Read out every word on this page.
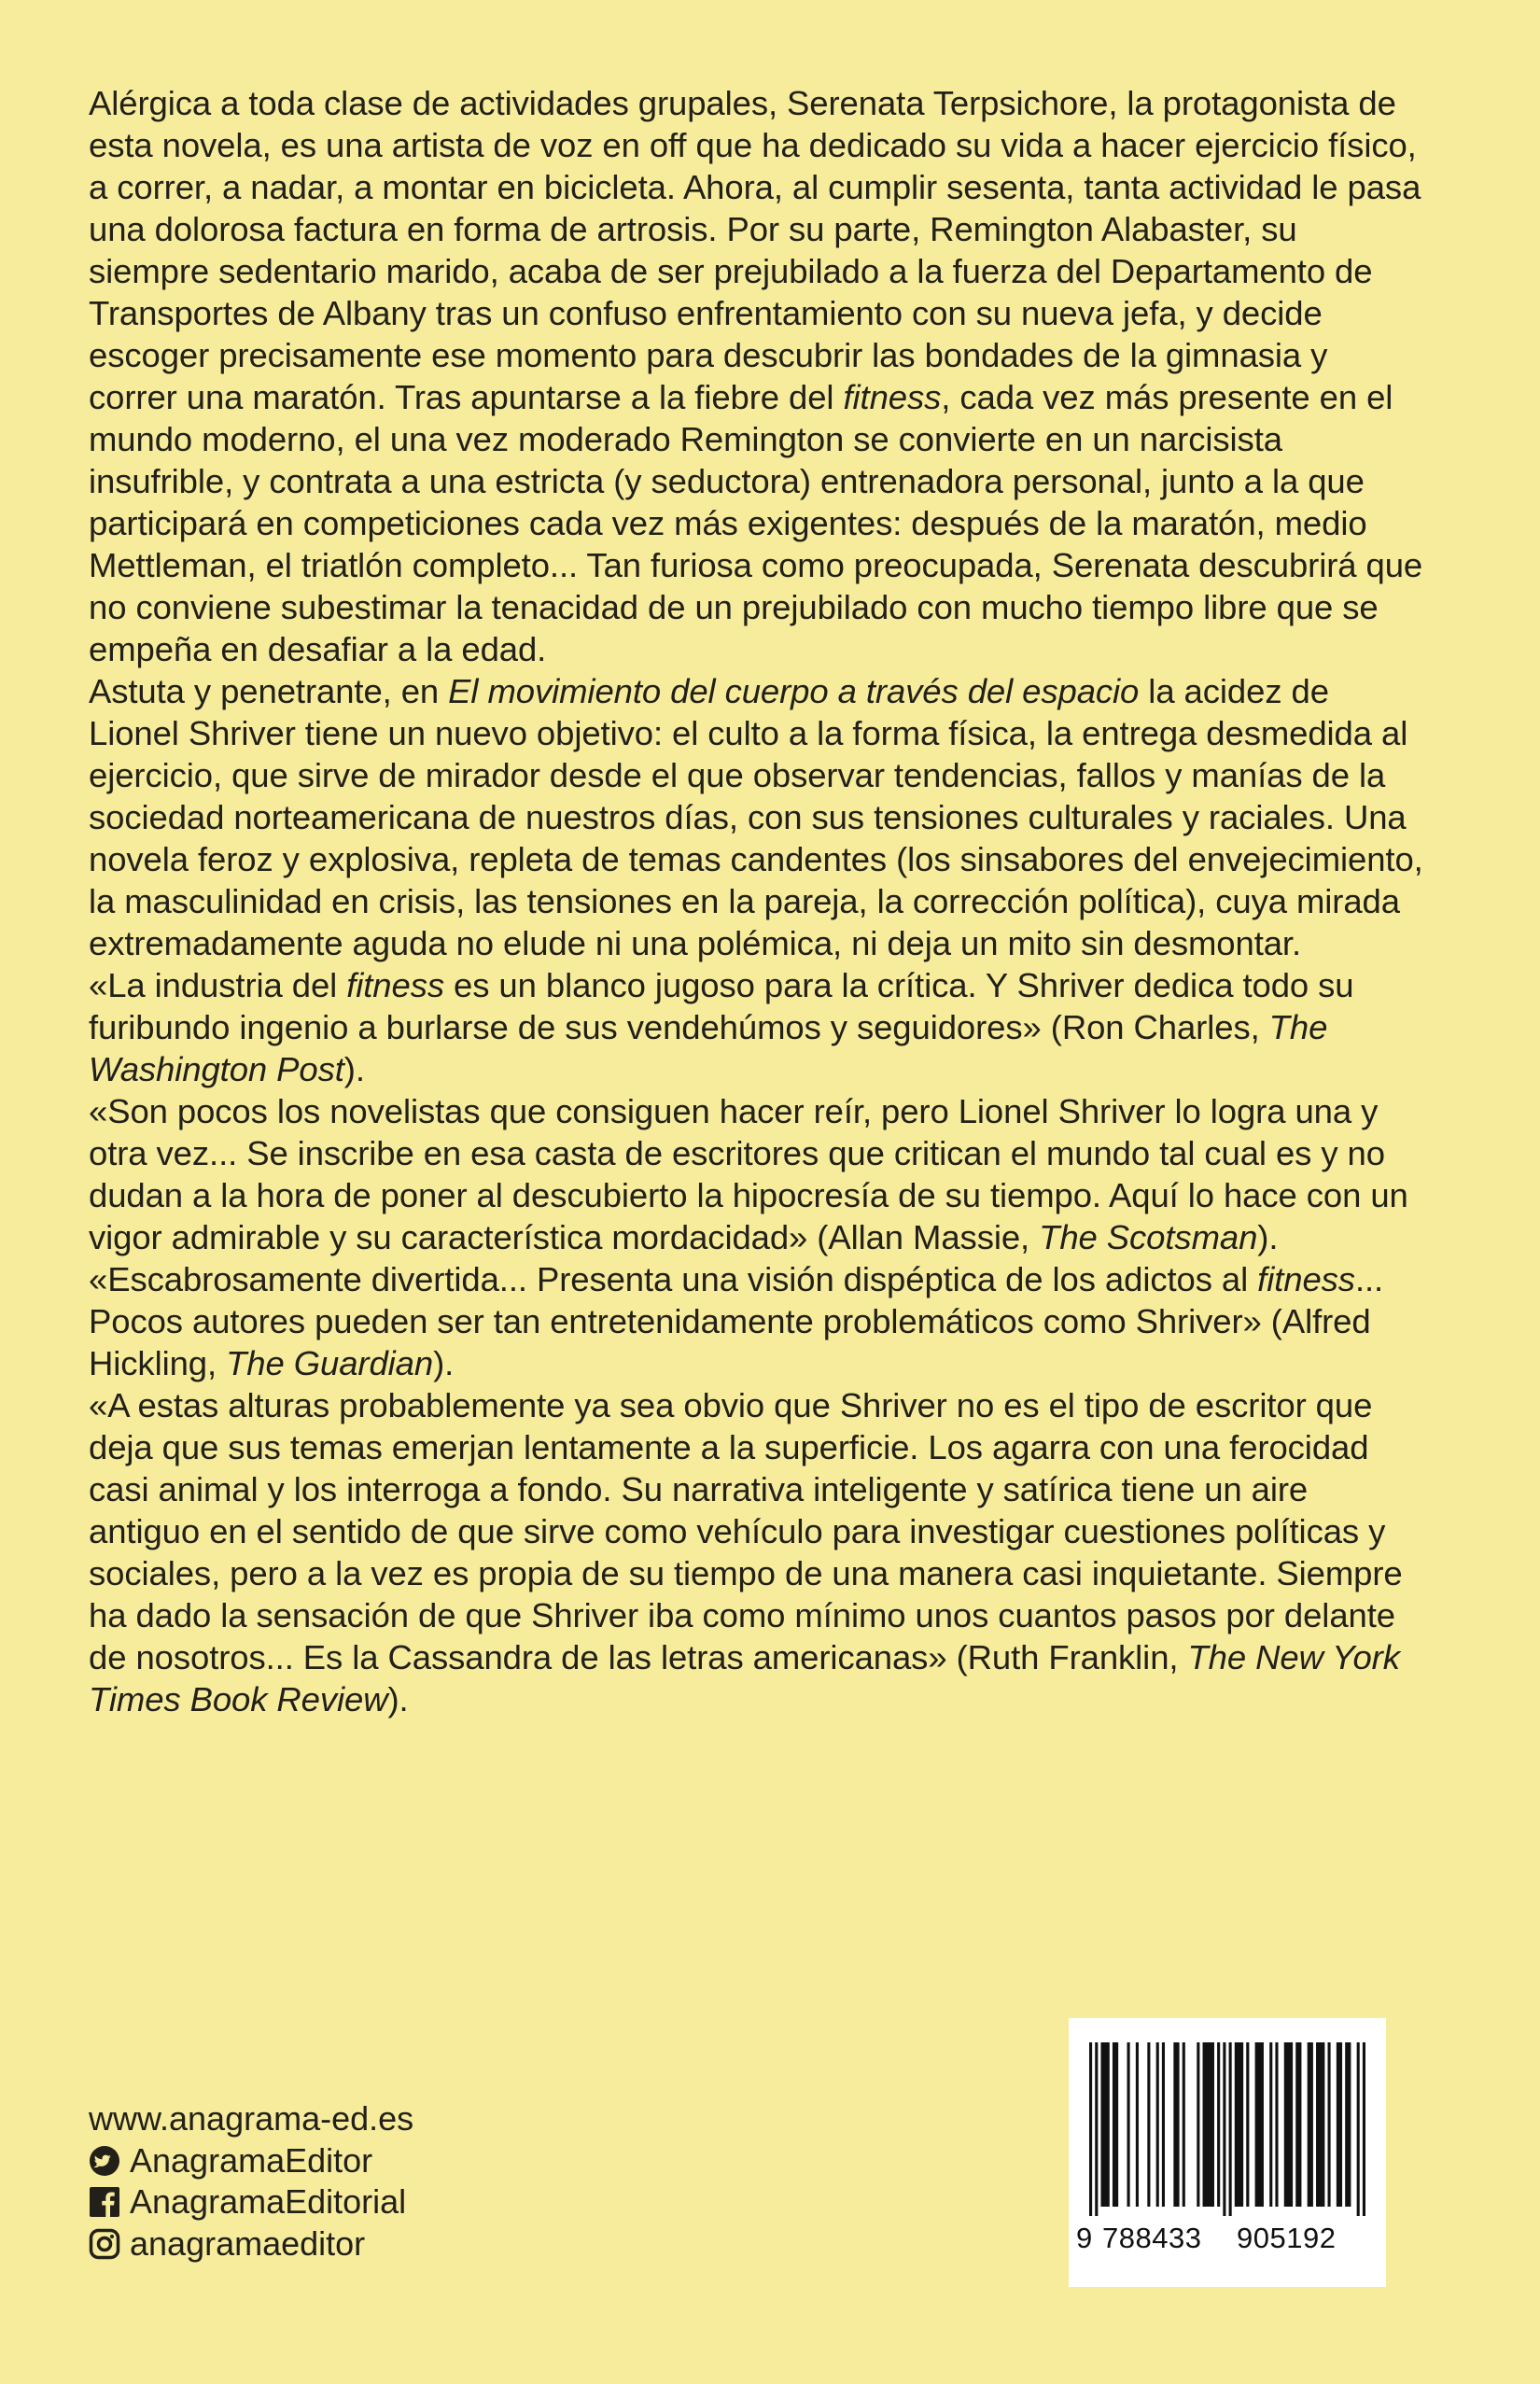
Alérgica a toda clase de actividades grupales, Serenata Terpsichore, la protagonista de esta novela, es una artista de voz en off que ha dedicado su vida a hacer ejercicio físico, a correr, a nadar, a montar en bicicleta. Ahora, al cumplir sesenta, tanta actividad le pasa una dolorosa factura en forma de artrosis. Por su parte, Remington Alabaster, su siempre sedentario marido, acaba de ser prejubilado a la fuerza del Departamento de Transportes de Albany tras un confuso enfrentamiento con su nueva jefa, y decide escoger precisamente ese momento para descubrir las bondades de la gimnasia y correr una maratón. Tras apuntarse a la fiebre del fitness, cada vez más presente en el mundo moderno, el una vez moderado Remington se convierte en un narcisista insufrible, y contrata a una estricta (y seductora) entrenadora personal, junto a la que participará en competiciones cada vez más exigentes: después de la maratón, medio Mettleman, el triatlón completo... Tan furiosa como preocupada, Serenata descubrirá que no conviene subestimar la tenacidad de un prejubilado con mucho tiempo libre que se empeña en desafiar a la edad.

Astuta y penetrante, en El movimiento del cuerpo a través del espacio la acidez de Lionel Shriver tiene un nuevo objetivo: el culto a la forma física, la entrega desmedida al ejercicio, que sirve de mirador desde el que observar tendencias, fallos y manías de la sociedad norteamericana de nuestros días, con sus tensiones culturales y raciales. Una novela feroz y explosiva, repleta de temas candentes (los sinsabores del envejecimiento, la masculinidad en crisis, las tensiones en la pareja, la corrección política), cuya mirada extremadamente aguda no elude ni una polémica, ni deja un mito sin desmontar.

«La industria del fitness es un blanco jugoso para la crítica. Y Shriver dedica todo su furibundo ingenio a burlarse de sus vendehúmos y seguidores» (Ron Charles, The Washington Post).

«Son pocos los novelistas que consiguen hacer reír, pero Lionel Shriver lo logra una y otra vez... Se inscribe en esa casta de escritores que critican el mundo tal cual es y no dudan a la hora de poner al descubierto la hipocresía de su tiempo. Aquí lo hace con un vigor admirable y su característica mordacidad» (Allan Massie, The Scotsman).

«Escabrosamente divertida... Presenta una visión dispéptica de los adictos al fitness... Pocos autores pueden ser tan entretenidamente problemáticos como Shriver» (Alfred Hickling, The Guardian).

«A estas alturas probablemente ya sea obvio que Shriver no es el tipo de escritor que deja que sus temas emerjan lentamente a la superficie. Los agarra con una ferocidad casi animal y los interroga a fondo. Su narrativa inteligente y satírica tiene un aire antiguo en el sentido de que sirve como vehículo para investigar cuestiones políticas y sociales, pero a la vez es propia de su tiempo de una manera casi inquietante. Siempre ha dado la sensación de que Shriver iba como mínimo unos cuantos pasos por delante de nosotros... Es la Cassandra de las letras americanas» (Ruth Franklin, The New York Times Book Review).

www.anagrama-ed.es
AnagramaEditor
AnagramaEditorial
anagramaeditor	9 788433 905192
